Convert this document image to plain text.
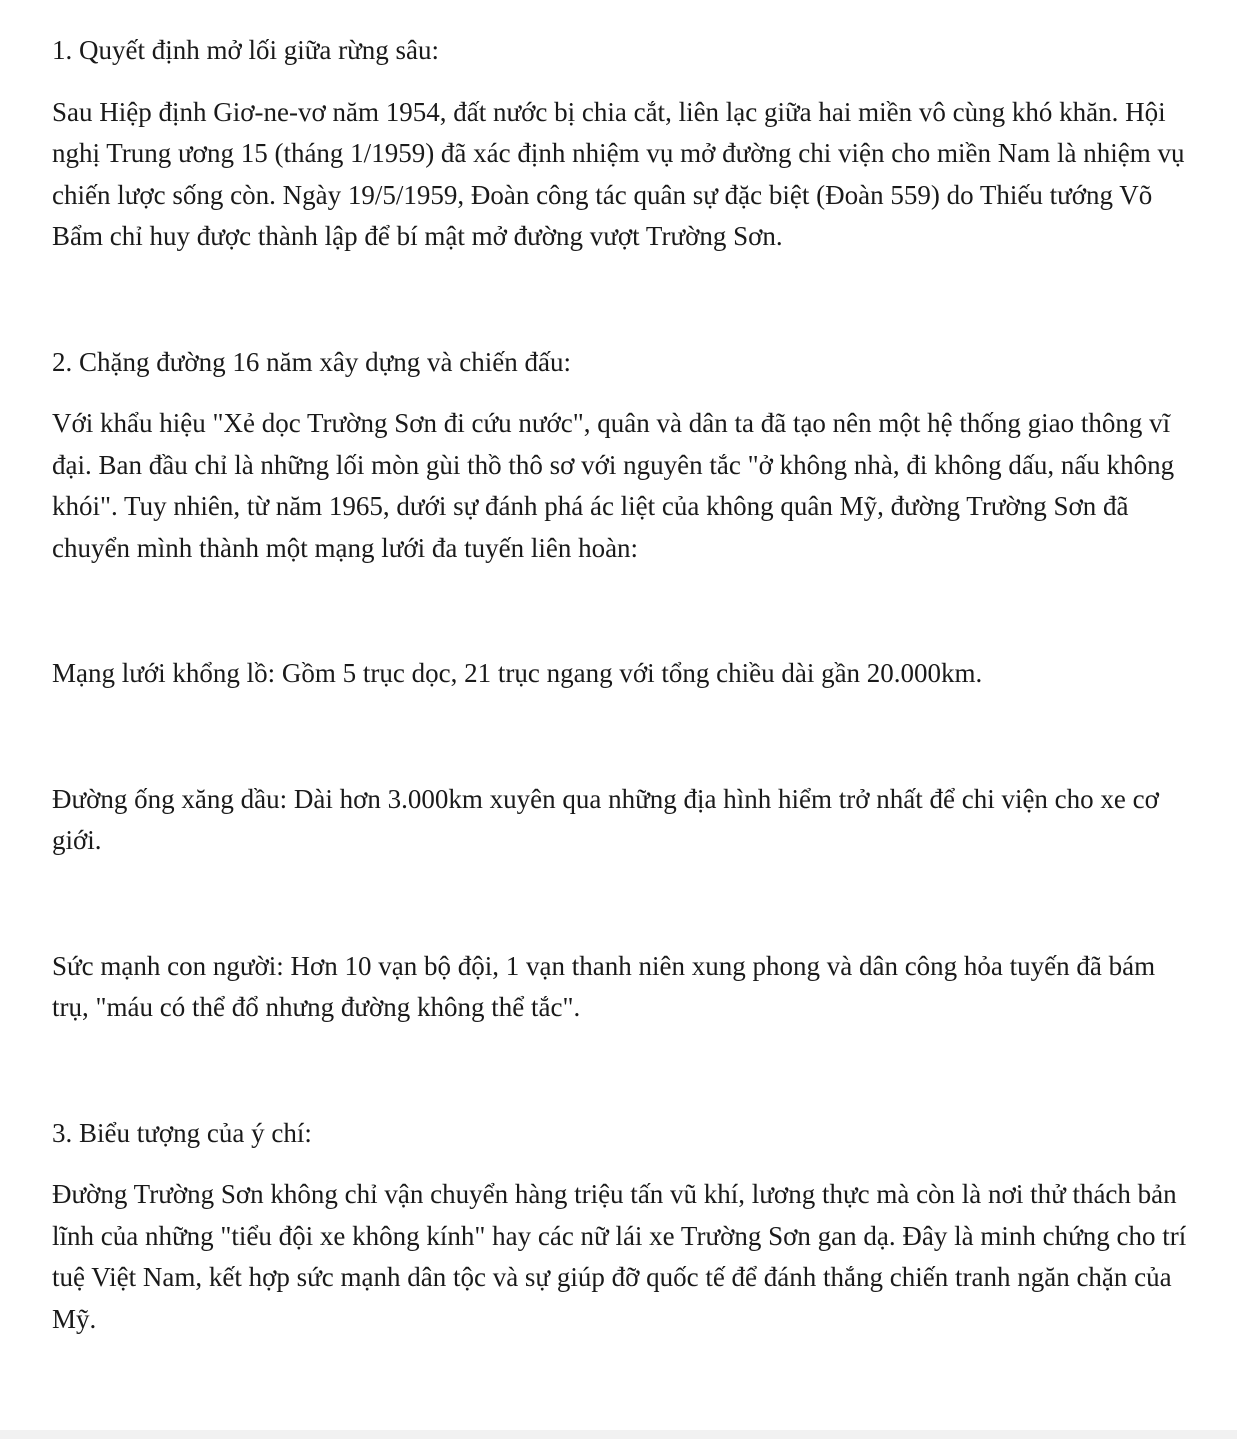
1. Quyết định mở lối giữa rừng sâu:

Sau Hiệp định Giơ-ne-vơ năm 1954, đất nước bị chia cắt, liên lạc giữa hai miền vô cùng khó khăn. Hội nghị Trung ương 15 (tháng 1/1959) đã xác định nhiệm vụ mở đường chi viện cho miền Nam là nhiệm vụ chiến lược sống còn. Ngày 19/5/1959, Đoàn công tác quân sự đặc biệt (Đoàn 559) do Thiếu tướng Võ Bẩm chỉ huy được thành lập để bí mật mở đường vượt Trường Sơn.

2. Chặng đường 16 năm xây dựng và chiến đấu:

Với khẩu hiệu "Xẻ dọc Trường Sơn đi cứu nước", quân và dân ta đã tạo nên một hệ thống giao thông vĩ đại. Ban đầu chỉ là những lối mòn gùi thồ thô sơ với nguyên tắc "ở không nhà, đi không dấu, nấu không khói". Tuy nhiên, từ năm 1965, dưới sự đánh phá ác liệt của không quân Mỹ, đường Trường Sơn đã chuyển mình thành một mạng lưới đa tuyến liên hoàn:

Mạng lưới khổng lồ: Gồm 5 trục dọc, 21 trục ngang với tổng chiều dài gần 20.000km.

Đường ống xăng dầu: Dài hơn 3.000km xuyên qua những địa hình hiểm trở nhất để chi viện cho xe cơ giới.

Sức mạnh con người: Hơn 10 vạn bộ đội, 1 vạn thanh niên xung phong và dân công hỏa tuyến đã bám trụ, "máu có thể đổ nhưng đường không thể tắc".

3. Biểu tượng của ý chí:

Đường Trường Sơn không chỉ vận chuyển hàng triệu tấn vũ khí, lương thực mà còn là nơi thử thách bản lĩnh của những "tiểu đội xe không kính" hay các nữ lái xe Trường Sơn gan dạ. Đây là minh chứng cho trí tuệ Việt Nam, kết hợp sức mạnh dân tộc và sự giúp đỡ quốc tế để đánh thắng chiến tranh ngăn chặn của Mỹ.
